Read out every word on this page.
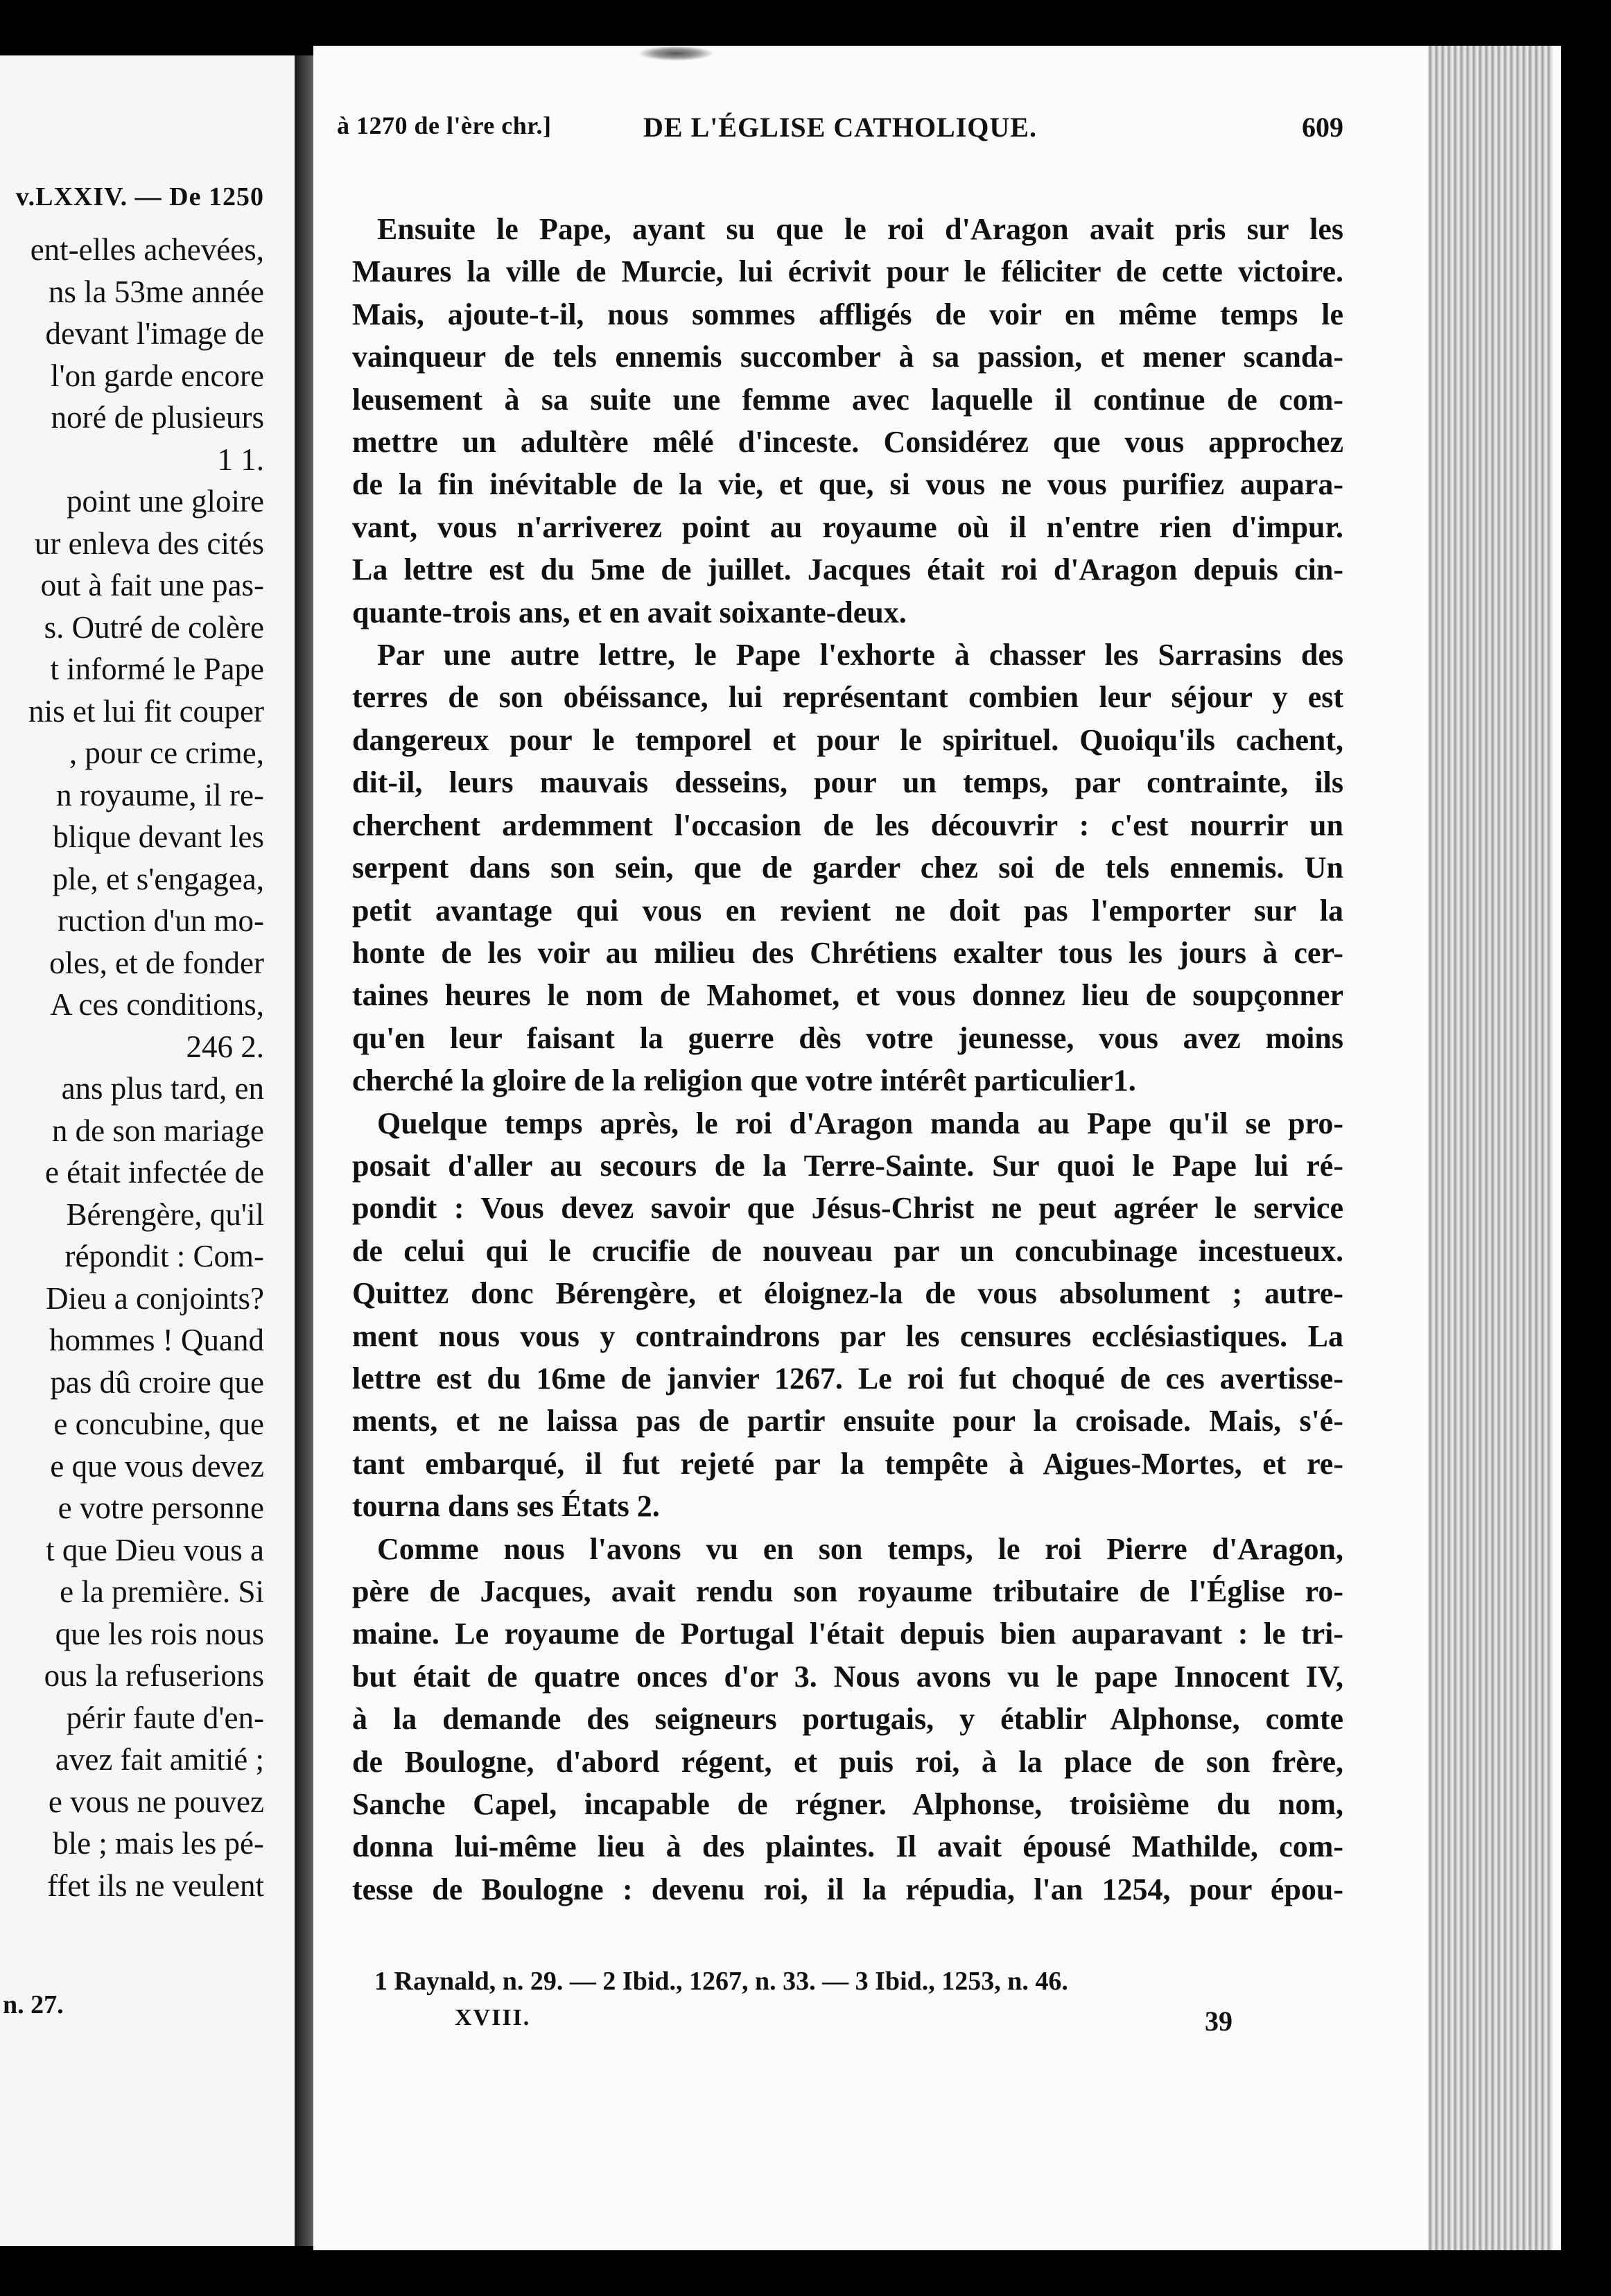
v.LXXIV. — De 1250
ent-elles achevées,
ns la 53me année
devant l'image de
l'on garde encore
noré de plusieurs
1 1.
point une gloire
ur enleva des cités
out à fait une pas-
s. Outré de colère
t informé le Pape
nis et lui fit couper
, pour ce crime,
n royaume, il re-
blique devant les
ple, et s'engagea,
ruction d'un mo-
oles, et de fonder
A ces conditions,
246 2.
ans plus tard, en
n de son mariage
e était infectée de
Bérengère, qu'il
répondit : Com-
Dieu a conjoints?
hommes ! Quand
pas dû croire que
e concubine, que
e que vous devez
e votre personne
t que Dieu vous a
e la première. Si
que les rois nous
ous la refuserions
périr faute d'en-
avez fait amitié ;
e vous ne pouvez
ble ; mais les pé-
ffet ils ne veulent
n. 27.
à 1270 de l'ère chr.]	DE L'ÉGLISE CATHOLIQUE.	609
Ensuite le Pape, ayant su que le roi d'Aragon avait pris sur les
Maures la ville de Murcie, lui écrivit pour le féliciter de cette victoire.
Mais, ajoute-t-il, nous sommes affligés de voir en même temps le
vainqueur de tels ennemis succomber à sa passion, et mener scanda-
leusement à sa suite une femme avec laquelle il continue de com-
mettre un adultère mêlé d'inceste. Considérez que vous approchez
de la fin inévitable de la vie, et que, si vous ne vous purifiez aupara-
vant, vous n'arriverez point au royaume où il n'entre rien d'impur.
La lettre est du 5me de juillet. Jacques était roi d'Aragon depuis cin-
quante-trois ans, et en avait soixante-deux.
Par une autre lettre, le Pape l'exhorte à chasser les Sarrasins des
terres de son obéissance, lui représentant combien leur séjour y est
dangereux pour le temporel et pour le spirituel. Quoiqu'ils cachent,
dit-il, leurs mauvais desseins, pour un temps, par contrainte, ils
cherchent ardemment l'occasion de les découvrir : c'est nourrir un
serpent dans son sein, que de garder chez soi de tels ennemis. Un
petit avantage qui vous en revient ne doit pas l'emporter sur la
honte de les voir au milieu des Chrétiens exalter tous les jours à cer-
taines heures le nom de Mahomet, et vous donnez lieu de soupçonner
qu'en leur faisant la guerre dès votre jeunesse, vous avez moins
cherché la gloire de la religion que votre intérêt particulier1.
Quelque temps après, le roi d'Aragon manda au Pape qu'il se pro-
posait d'aller au secours de la Terre-Sainte. Sur quoi le Pape lui ré-
pondit : Vous devez savoir que Jésus-Christ ne peut agréer le service
de celui qui le crucifie de nouveau par un concubinage incestueux.
Quittez donc Bérengère, et éloignez-la de vous absolument ; autre-
ment nous vous y contraindrons par les censures ecclésiastiques. La
lettre est du 16me de janvier 1267. Le roi fut choqué de ces avertisse-
ments, et ne laissa pas de partir ensuite pour la croisade. Mais, s'é-
tant embarqué, il fut rejeté par la tempête à Aigues-Mortes, et re-
tourna dans ses États 2.
Comme nous l'avons vu en son temps, le roi Pierre d'Aragon,
père de Jacques, avait rendu son royaume tributaire de l'Église ro-
maine. Le royaume de Portugal l'était depuis bien auparavant : le tri-
but était de quatre onces d'or 3. Nous avons vu le pape Innocent IV,
à la demande des seigneurs portugais, y établir Alphonse, comte
de Boulogne, d'abord régent, et puis roi, à la place de son frère,
Sanche Capel, incapable de régner. Alphonse, troisième du nom,
donna lui-même lieu à des plaintes. Il avait épousé Mathilde, com-
tesse de Boulogne : devenu roi, il la répudia, l'an 1254, pour épou-
1 Raynald, n. 29. — 2 Ibid., 1267, n. 33. — 3 Ibid., 1253, n. 46.
XVIII.	39
